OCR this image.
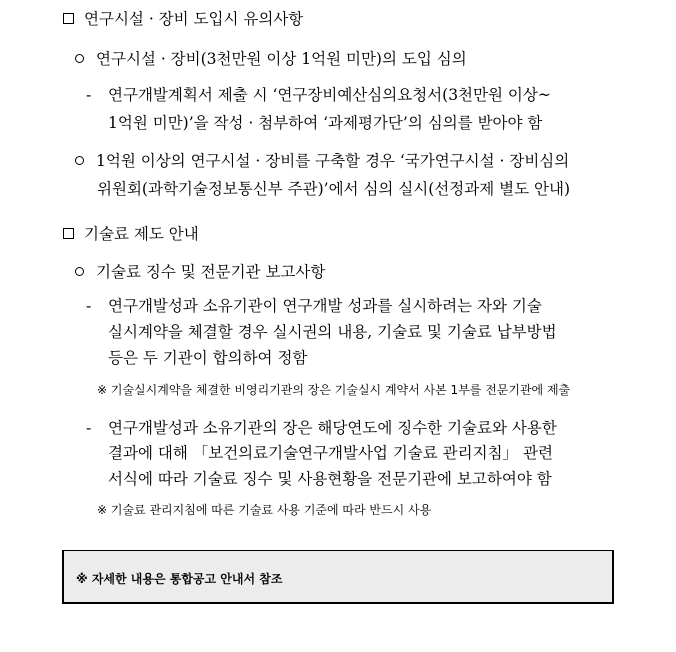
연구시설 · 장비 도입시 유의사항
연구시설 · 장비(3천만원 이상 1억원 미만)의 도입 심의
- 연구개발계획서 제출 시 ‘연구장비예산심의요청서(3천만원 이상~
1억원 미만)’을 작성 · 첨부하여 ‘과제평가단’의 심의를 받아야 함
1억원 이상의 연구시설 · 장비를 구축할 경우 ‘국가연구시설 · 장비심의
위원회(과학기술정보통신부 주관)’에서 심의 실시(선정과제 별도 안내)
기술료 제도 안내
기술료 징수 및 전문기관 보고사항
- 연구개발성과 소유기관이 연구개발 성과를 실시하려는 자와 기술
실시계약을 체결할 경우 실시권의 내용, 기술료 및 기술료 납부방법
등은 두 기관이 합의하여 정함
※ 기술실시계약을 체결한 비영리기관의 장은 기술실시 계약서 사본 1부를 전문기관에 제출
- 연구개발성과 소유기관의 장은 해당연도에 징수한 기술료와 사용한
결과에 대해 「보건의료기술연구개발사업 기술료 관리지침」 관련
서식에 따라 기술료 징수 및 사용현황을 전문기관에 보고하여야 함
※ 기술료 관리지침에 따른 기술료 사용 기준에 따라 반드시 사용
※ 자세한 내용은 통합공고 안내서 참조
